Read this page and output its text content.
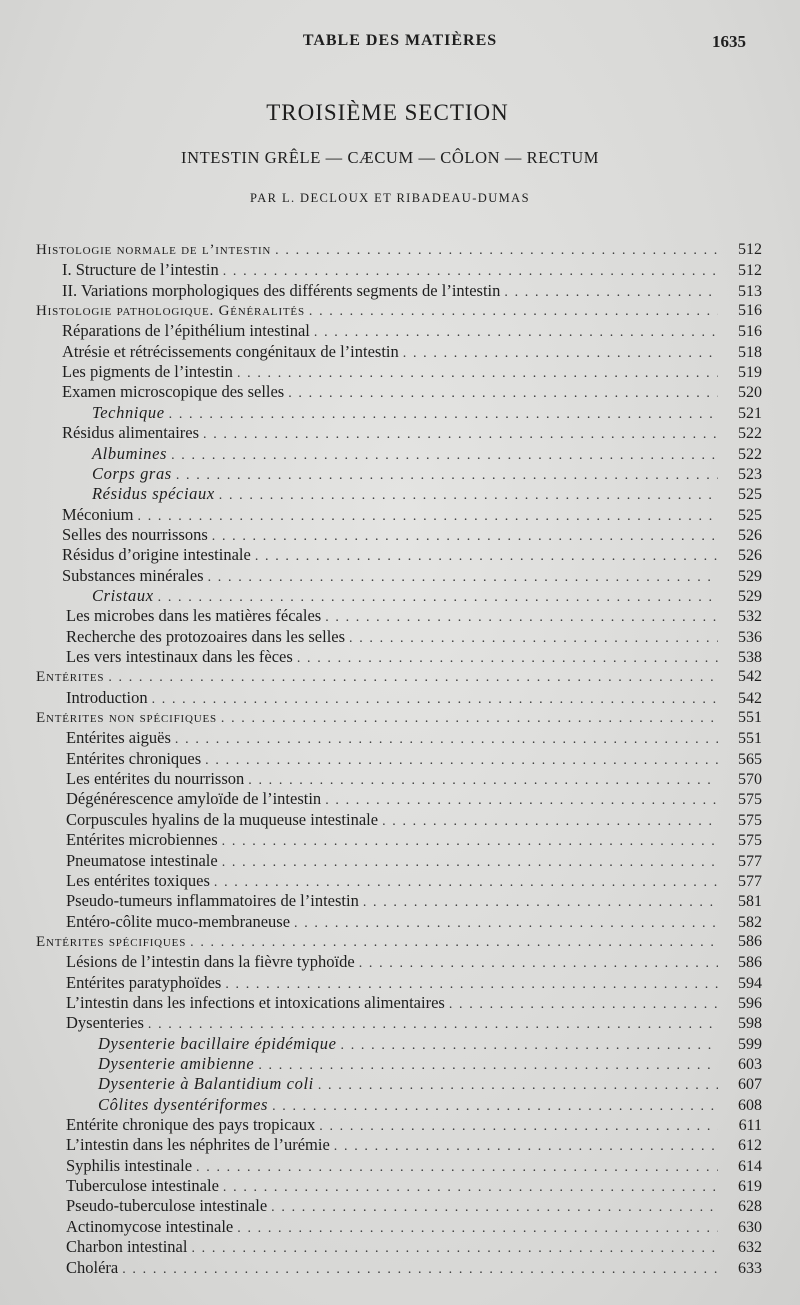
TABLE DES MATIÈRES	1635
TROISIÈME SECTION
INTESTIN GRÊLE — CÆCUM — CÔLON — RECTUM
PAR L. DECLOUX ET RIBADEAU-DUMAS
Histologie normale de l’intestin . . .	512
I. Structure de l’intestin . . .	512
II. Variations morphologiques des différents segments de l’intestin . . .	513
Histologie pathologique. Généralités . . .	516
Réparations de l’épithélium intestinal . . .	516
Atrésie et rétrécissements congénitaux de l’intestin . . .	518
Les pigments de l’intestin . . .	519
Examen microscopique des selles . . .	520
Technique . . .	521
Résidus alimentaires . . .	522
Albumines . . .	522
Corps gras . . .	523
Résidus spéciaux . . .	525
Méconium . . .	525
Selles des nourrissons . . .	526
Résidus d’origine intestinale . . .	526
Substances minérales . . .	529
Cristaux . . .	529
Les microbes dans les matières fécales . . .	532
Recherche des protozoaires dans les selles . . .	536
Les vers intestinaux dans les fèces . . .	538
Entérites . . .	542
Introduction . . .	542
Entérites non spécifiques . . .	551
Entérites aiguës . . .	551
Entérites chroniques . . .	565
Les entérites du nourrisson . . .	570
Dégénérescence amyloïde de l’intestin . . .	575
Corpuscules hyalins de la muqueuse intestinale . . .	575
Entérites microbiennes . . .	575
Pneumatose intestinale . . .	577
Les entérites toxiques . . .	577
Pseudo-tumeurs inflammatoires de l’intestin . . .	581
Entéro-côlite muco-membraneuse . . .	582
Entérites spécifiques . . .	586
Lésions de l’intestin dans la fièvre typhoïde . . .	586
Entérites paratyphoïdes . . .	594
L’intestin dans les infections et intoxications alimentaires . . .	596
Dysenteries . . .	598
Dysenterie bacillaire épidémique . . .	599
Dysenterie amibienne . . .	603
Dysenterie à Balantidium coli . . .	607
Côlites dysentériformes . . .	608
Entérite chronique des pays tropicaux . . .	611
L’intestin dans les néphrites de l’urémie . . .	612
Syphilis intestinale . . .	614
Tuberculose intestinale . . .	619
Pseudo-tuberculose intestinale . . .	628
Actinomycose intestinale . . .	630
Charbon intestinal . . .	632
Choléra . . .	633
